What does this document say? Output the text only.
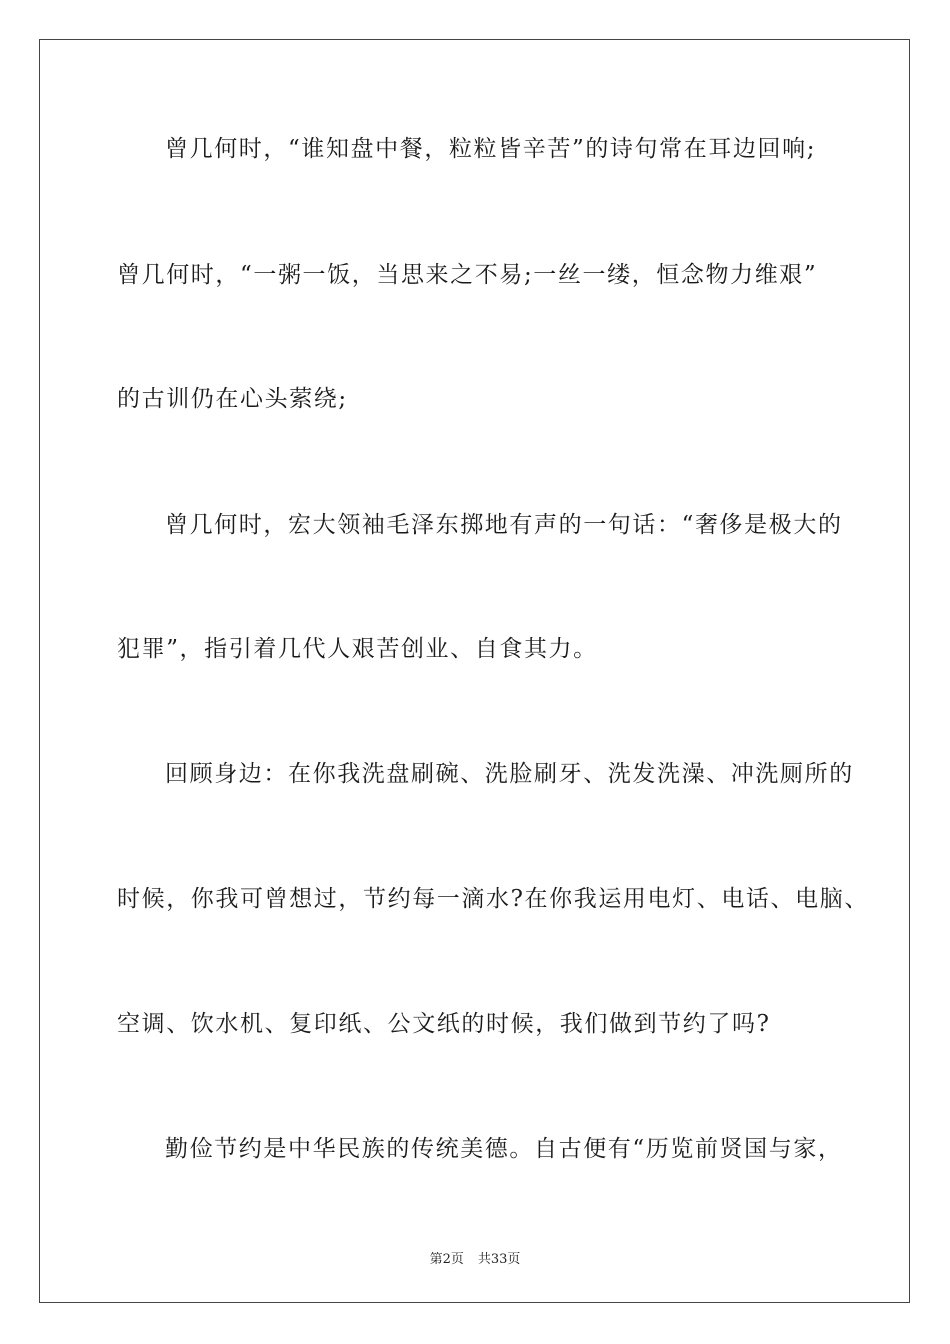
曾几何时，“谁知盘中餐，粒粒皆辛苦”的诗句常在耳边回响;
曾几何时，“一粥一饭，当思来之不易;一丝一缕，恒念物力维艰”
的古训仍在心头萦绕;
曾几何时，宏大领袖毛泽东掷地有声的一句话：“奢侈是极大的
犯罪”，指引着几代人艰苦创业、自食其力。
回顾身边：在你我洗盘刷碗、洗脸刷牙、洗发洗澡、冲洗厕所的
时候，你我可曾想过，节约每一滴水?在你我运用电灯、电话、电脑、
空调、饮水机、复印纸、公文纸的时候，我们做到节约了吗?
勤俭节约是中华民族的传统美德。自古便有“历览前贤国与家，
第2页 共33页
